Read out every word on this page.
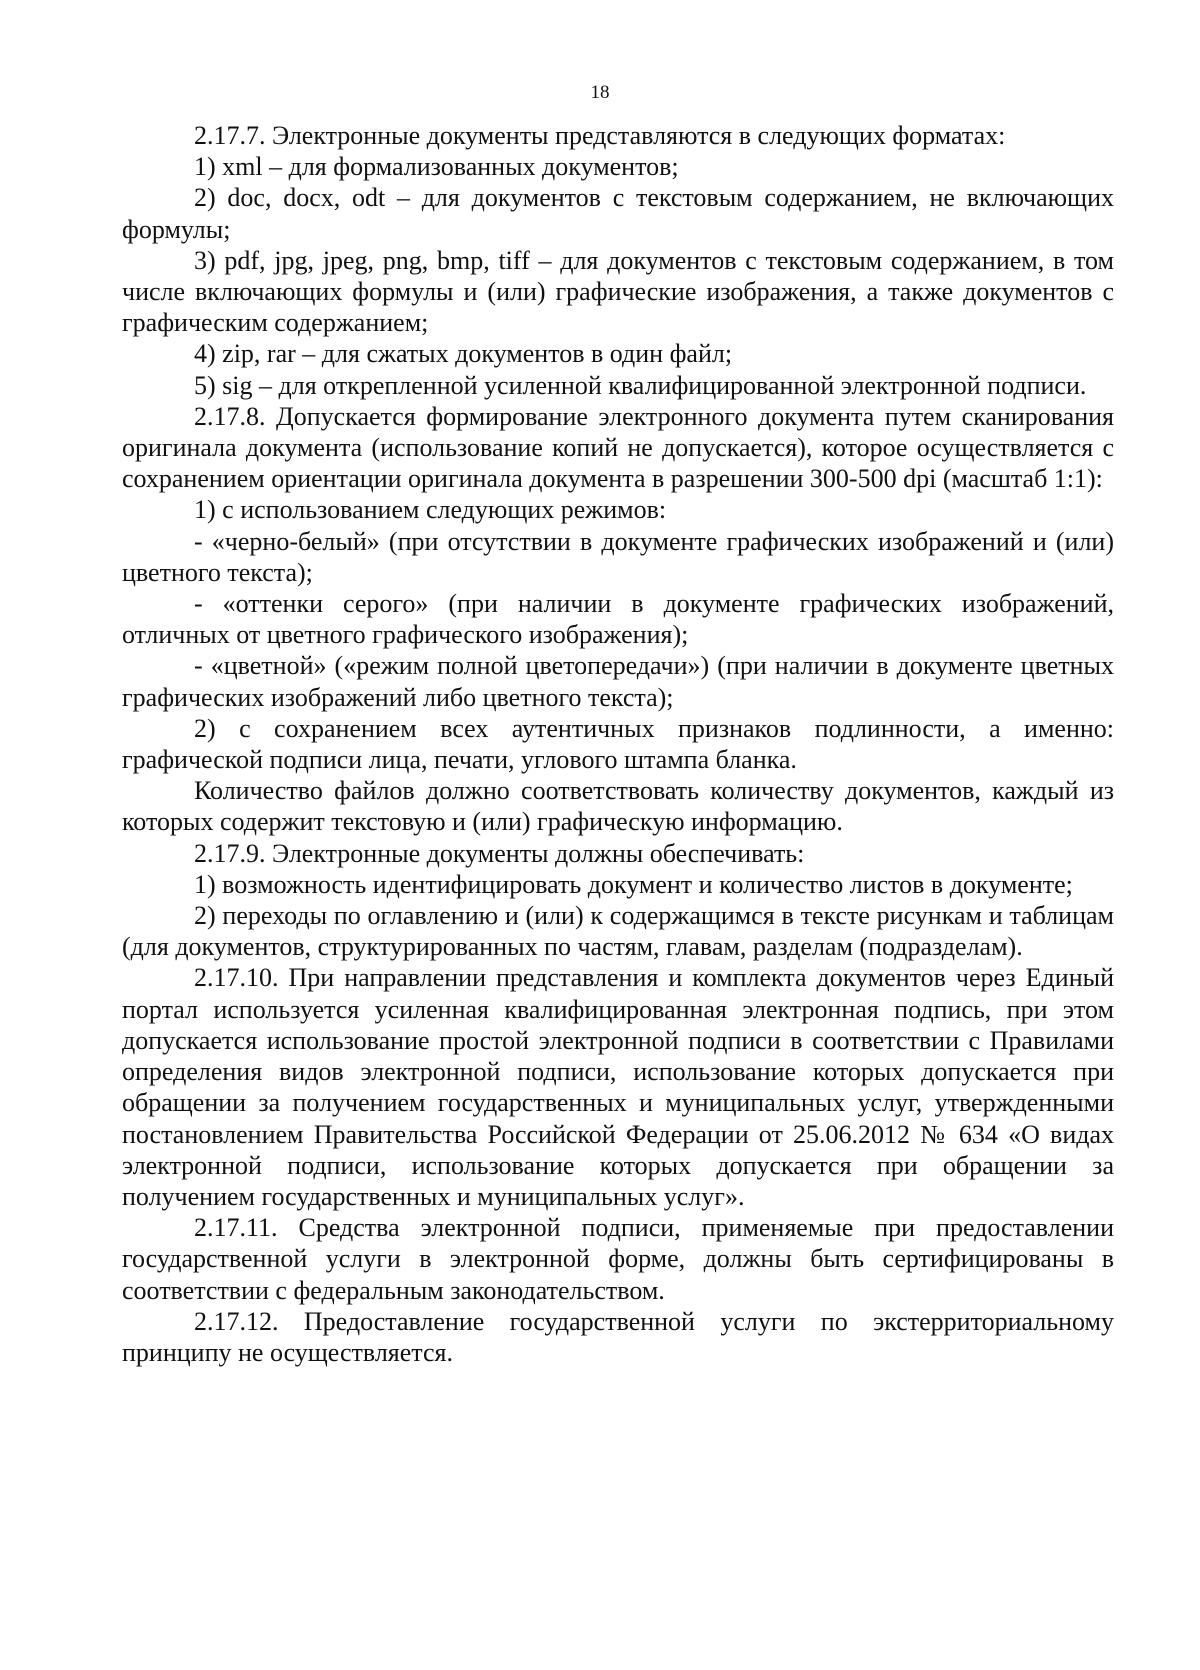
18

2.17.7. Электронные документы представляются в следующих форматах:

1) xml – для формализованных документов;

2) doc, docx, odt – для документов с текстовым содержанием, не включающих формулы;

3) pdf, jpg, jpeg, png, bmp, tiff – для документов с текстовым содержанием, в том числе включающих формулы и (или) графические изображения, а также документов с графическим содержанием;

4) zip, rar – для сжатых документов в один файл;

5) sig – для открепленной усиленной квалифицированной электронной подписи.

2.17.8. Допускается формирование электронного документа путем сканирования оригинала документа (использование копий не допускается), которое осуществляется с сохранением ориентации оригинала документа в разрешении 300-500 dpi (масштаб 1:1):

1) с использованием следующих режимов:

- «черно-белый» (при отсутствии в документе графических изображений и (или) цветного текста);

- «оттенки серого» (при наличии в документе графических изображений, отличных от цветного графического изображения);

- «цветной» («режим полной цветопередачи») (при наличии в документе цветных графических изображений либо цветного текста);

2) с сохранением всех аутентичных признаков подлинности, а именно: графической подписи лица, печати, углового штампа бланка.

Количество файлов должно соответствовать количеству документов, каждый из которых содержит текстовую и (или) графическую информацию.

2.17.9. Электронные документы должны обеспечивать:

1) возможность идентифицировать документ и количество листов в документе;

2) переходы по оглавлению и (или) к содержащимся в тексте рисункам и таблицам (для документов, структурированных по частям, главам, разделам (подразделам).

2.17.10. При направлении представления и комплекта документов через Единый портал используется усиленная квалифицированная электронная подпись, при этом допускается использование простой электронной подписи в соответствии с Правилами определения видов электронной подписи, использование которых допускается при обращении за получением государственных и муниципальных услуг, утвержденными постановлением Правительства Российской Федерации от 25.06.2012 № 634 «О видах электронной подписи, использование которых допускается при обращении за получением государственных и муниципальных услуг».

2.17.11. Средства электронной подписи, применяемые при предоставлении государственной услуги в электронной форме, должны быть сертифицированы в соответствии с федеральным законодательством.

2.17.12. Предоставление государственной услуги по экстерриториальному принципу не осуществляется.
